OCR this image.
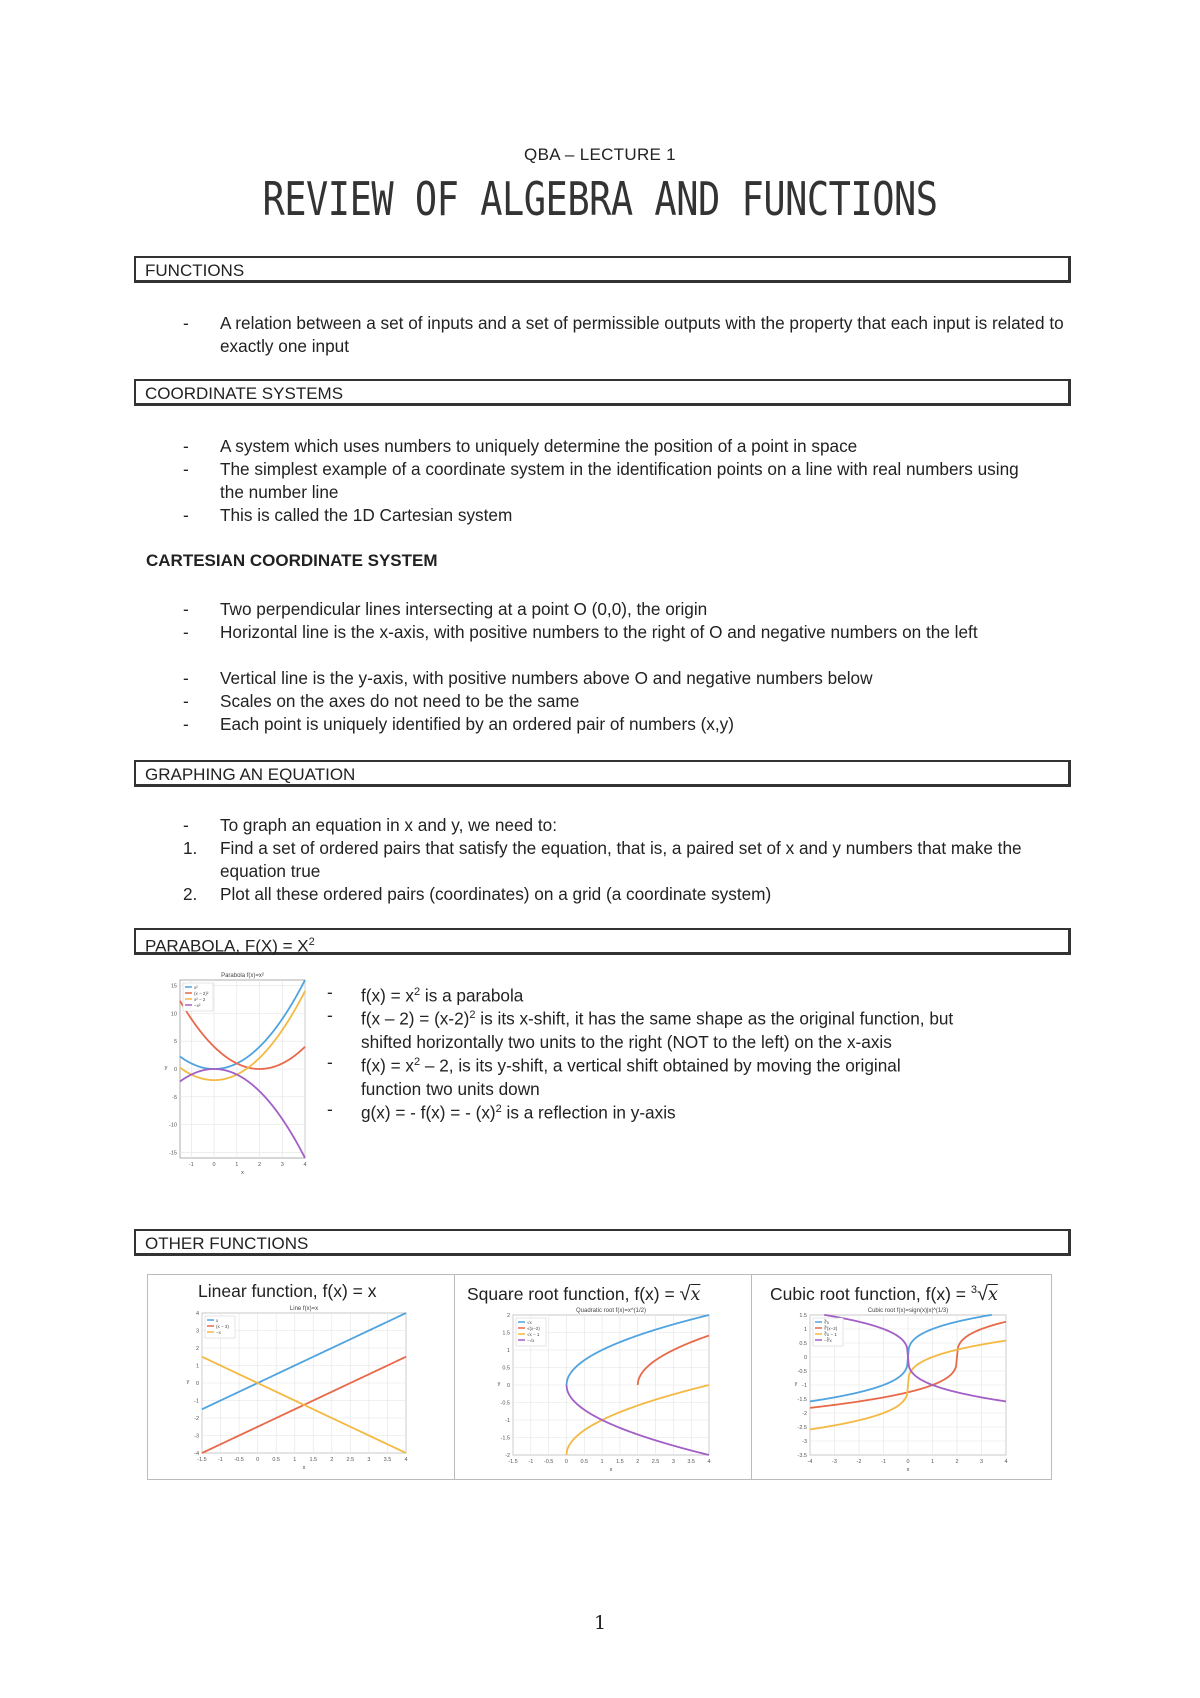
QBA – LECTURE 1
REVIEW OF ALGEBRA AND FUNCTIONS
FUNCTIONS
-	A relation between a set of inputs and a set of permissible outputs with the property that each input is related to exactly one input
COORDINATE SYSTEMS
-	A system which uses numbers to uniquely determine the position of a point in space
-	The simplest example of a coordinate system in the identification points on a line with real numbers using the number line
-	This is called the 1D Cartesian system
CARTESIAN COORDINATE SYSTEM
-	Two perpendicular lines intersecting at a point O (0,0), the origin
-	Horizontal line is the x-axis, with positive numbers to the right of O and negative numbers on the left
-	Vertical line is the y-axis, with positive numbers above O and negative numbers below
-	Scales on the axes do not need to be the same
-	Each point is uniquely identified by an ordered pair of numbers (x,y)
GRAPHING AN EQUATION
-	To graph an equation in x and y, we need to:
1.	Find a set of ordered pairs that satisfy the equation, that is, a paired set of x and y numbers that make the equation true
2.	Plot all these ordered pairs (coordinates) on a grid (a coordinate system)
PARABOLA, $F(X) = X^2$
-1	0	1	2	3	4
-15
-10
-5
0
5
10
15
Parabola f(x)=x²
x
y
x²
(x − 2)²
x² − 2
−x²
-	$f(x) = x^2$ is a parabola
-	$f(x - 2) = (x-2)^2$ is its x-shift, it has the same shape as the original function, but
shifted horizontally two units to the right (NOT to the left) on the x-axis
-	$f(x) = x^2 - 2$, is its y-shift, a vertical shift obtained by moving the original
function two units down
-	g(x) = - f(x) = - $(x)^2$ is a reflection in y-axis
OTHER FUNCTIONS
Linear function, f(x) = x
-1.5 -1 -0.5 0 0.5 1 1.5 2 2.5 3 3.5 4
-4
-3
-2
-1
0
1
2
3
4
Line f(x)=x
x
y
x
(x − 3)
−x
Square root function, f(x) = √x
-1.5 -1 -0.5 0 0.5 1 1.5 2 2.5 3 3.5 4
-2
-1.5
-1
-0.5
0
0.5
1
1.5
2
Quadratic root f(x)=x^(1/2)
x
y
√x
√(x−2)
√x − 1
−√x
Cubic root function, f(x) = $^3$√x
-4	-3	-2	-1	0	1	2	3	4
-3.5
-3
-2.5
-2
-1.5
-1
-0.5
0
0.5
1
1.5
Cubic root f(x)=sign(x)|x|^(1/3)
x
y
∛x
∛(x−2)
∛x − 1
−∛x
1
